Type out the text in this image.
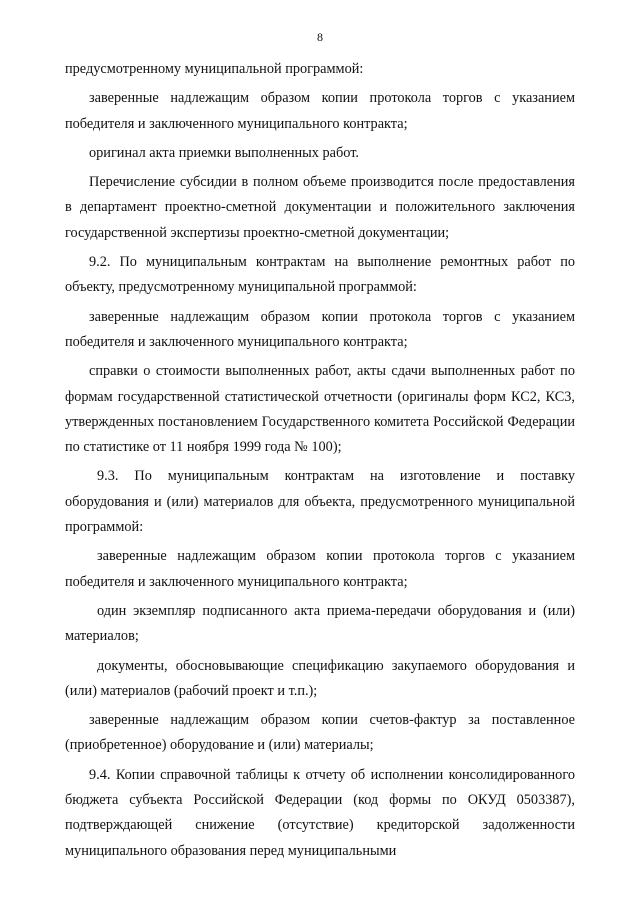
8

предусмотренному муниципальной программой:

заверенные надлежащим образом копии протокола торгов с указанием победителя и заключенного муниципального контракта;

оригинал акта приемки выполненных работ.

Перечисление субсидии в полном объеме производится после предоставления в департамент проектно-сметной документации и положительного заключения государственной экспертизы проектно-сметной документации;

9.2. По муниципальным контрактам на выполнение ремонтных работ по объекту, предусмотренному муниципальной программой:

заверенные надлежащим образом копии протокола торгов с указанием победителя и заключенного муниципального контракта;

справки о стоимости выполненных работ, акты сдачи выполненных работ по формам государственной статистической отчетности (оригиналы форм КС2, КС3, утвержденных постановлением Государственного комитета Российской Федерации по статистике от 11 ноября 1999 года № 100);

9.3. По муниципальным контрактам на изготовление и поставку оборудования и (или) материалов для объекта, предусмотренного муниципальной программой:

заверенные надлежащим образом копии протокола торгов с указанием победителя и заключенного муниципального контракта;

один экземпляр подписанного акта приема-передачи оборудования и (или) материалов;

документы, обосновывающие спецификацию закупаемого оборудования и (или) материалов (рабочий проект и т.п.);

заверенные надлежащим образом копии счетов-фактур за поставленное (приобретенное) оборудование и (или) материалы;

9.4. Копии справочной таблицы к отчету об исполнении консолидированного бюджета субъекта Российской Федерации (код формы по ОКУД 0503387), подтверждающей снижение (отсутствие) кредиторской задолженности муниципального образования перед муниципальными
